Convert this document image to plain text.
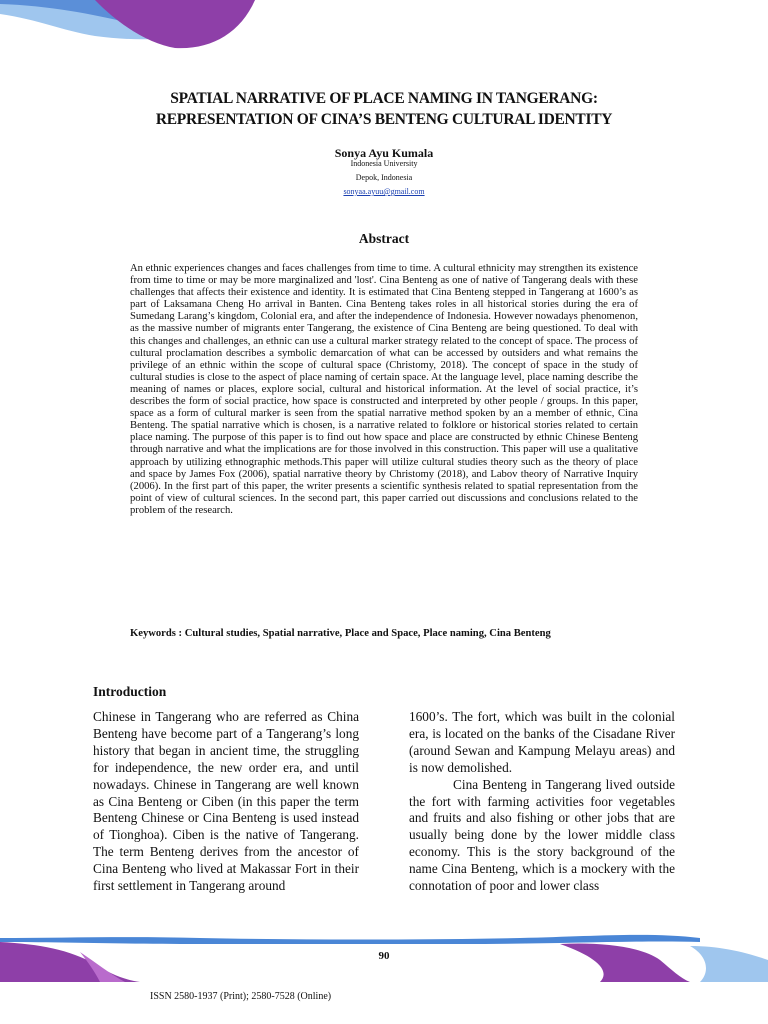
SPATIAL NARRATIVE OF PLACE NAMING IN TANGERANG:
REPRESENTATION OF CINA’S BENTENG CULTURAL IDENTITY
Sonya Ayu Kumala
Indonesia University
Depok, Indonesia
sonyaa.ayuu@gmail.com
Abstract
An ethnic experiences changes and faces challenges from time to time. A cultural ethnicity may strengthen its existence from time to time or may be more marginalized and 'lost'. Cina Benteng as one of native of Tangerang deals with these challenges that affects their existence and identity. It is estimated that Cina Benteng stepped in Tangerang at 1600’s as part of Laksamana Cheng Ho arrival in Banten. Cina Benteng takes roles in all historical stories during the era of Sumedang Larang’s kingdom, Colonial era, and after the independence of Indonesia. However nowadays phenomenon, as the massive number of migrants enter Tangerang, the existence of Cina Benteng are being questioned. To deal with this changes and challenges, an ethnic can use a cultural marker strategy related to the concept of space. The process of cultural proclamation describes a symbolic demarcation of what can be accessed by outsiders and what remains the privilege of an ethnic within the scope of cultural space (Christomy, 2018). The concept of space in the study of cultural studies is close to the aspect of place naming of certain space. At the language level, place naming describe the meaning of names or places, explore social, cultural and historical information. At the level of social practice, it’s describes the form of social practice, how space is constructed and interpreted by other people / groups. In this paper, space as a form of cultural marker is seen from the spatial narrative method spoken by an a member of ethnic, Cina Benteng. The spatial narrative which is chosen, is a narrative related to folklore or historical stories related to certain place naming. The purpose of this paper is to find out how space and place are constructed by ethnic Chinese Benteng through narrative and what the implications are for those involved in this construction. This paper will use a qualitative approach by utilizing ethnographic methods.This paper will utilize cultural studies theory such as the theory of place and space by James Fox (2006), spatial narrative theory by Christomy (2018), and Labov theory of Narrative Inquiry (2006). In the first part of this paper, the writer presents a scientific synthesis related to spatial representation from the point of view of cultural sciences. In the second part, this paper carried out discussions and conclusions related to the problem of the research.
Keywords : Cultural studies, Spatial narrative, Place and Space, Place naming, Cina Benteng
Introduction

Chinese in Tangerang who are referred as China Benteng have become part of a Tangerang’s long history that began in ancient time, the struggling for independence, the new order era, and until nowadays. Chinese in Tangerang are well known as Cina Benteng or Ciben (in this paper the term Benteng Chinese or Cina Benteng is used instead of Tionghoa). Ciben is the native of Tangerang. The term Benteng derives from the ancestor of Cina Benteng who lived at Makassar Fort in their first settlement in Tangerang around

1600’s. The fort, which was built in the colonial era, is located on the banks of the Cisadane River (around Sewan and Kampung Melayu areas) and is now demolished.

Cina Benteng in Tangerang lived outside the fort with farming activities foor vegetables and fruits and also fishing or other jobs that are usually being done by the lower middle class economy. This is the story background of the name Cina Benteng, which is a mockery with the connotation of poor and lower class

90
ISSN 2580-1937 (Print); 2580-7528 (Online)
